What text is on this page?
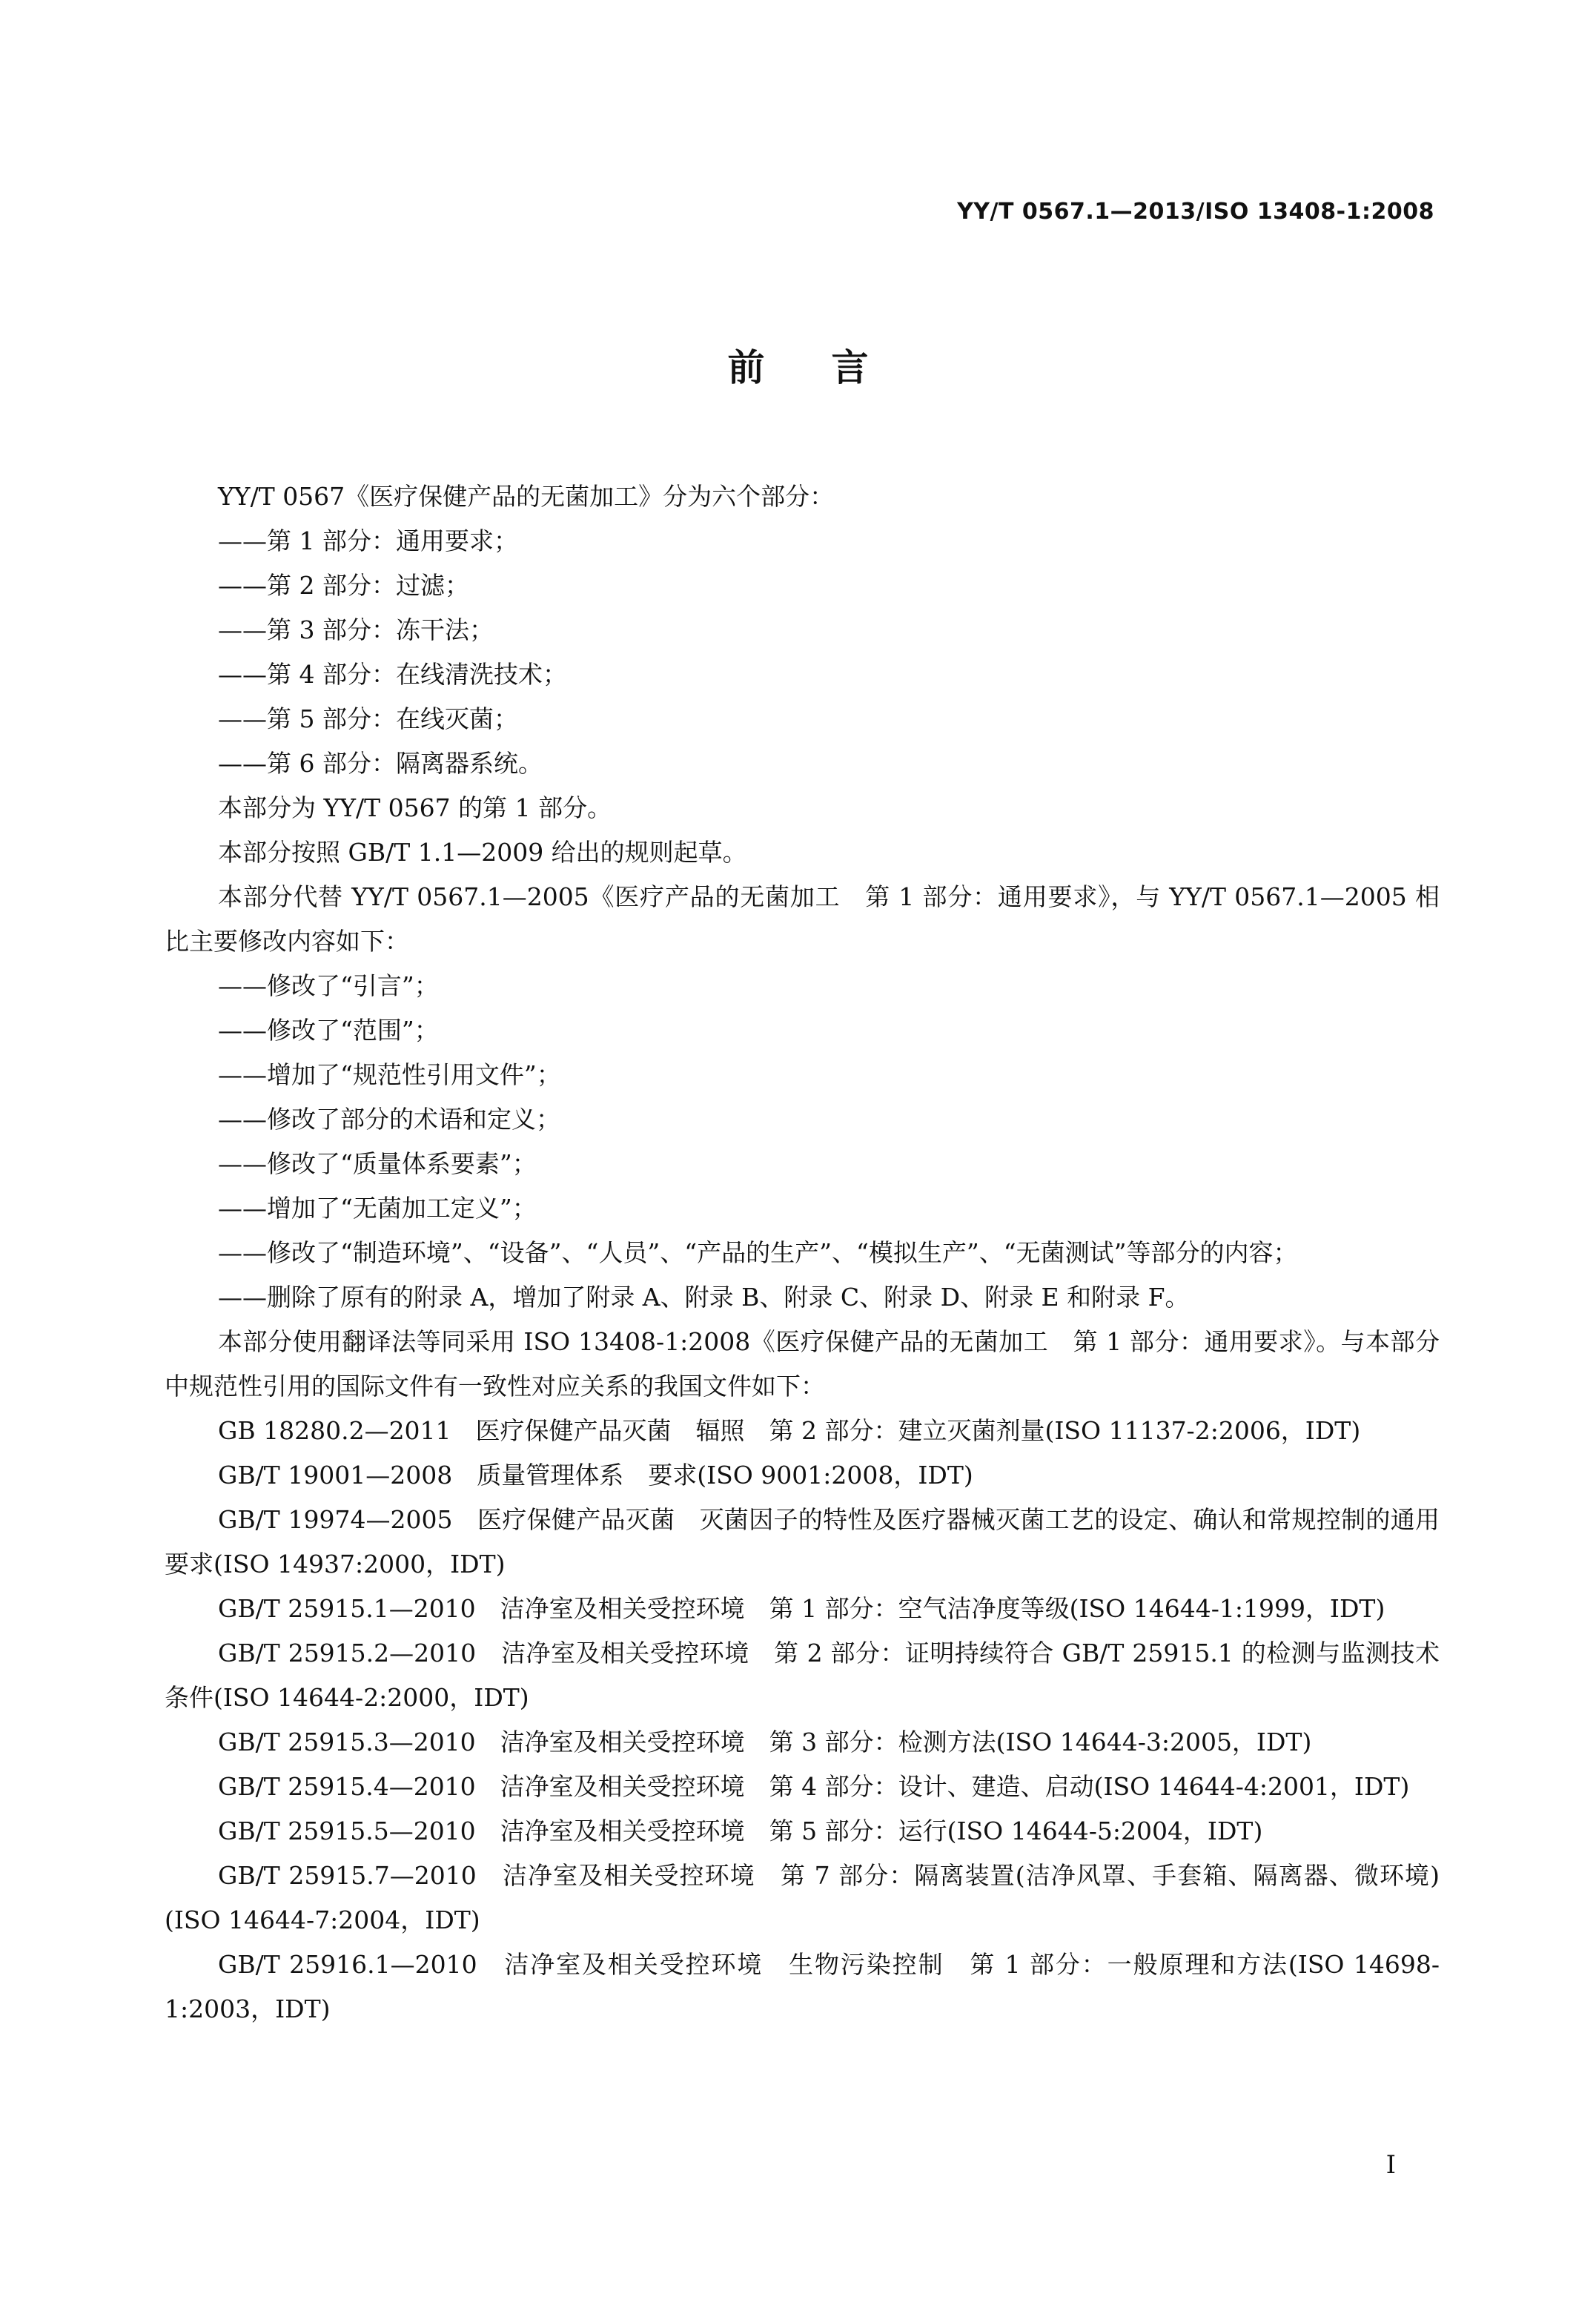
YY/T 0567.1—2013/ISO 13408-1:2008
前言

YY/T 0567《医疗保健产品的无菌加工》分为六个部分：

——第 1 部分：通用要求；

——第 2 部分：过滤；

——第 3 部分：冻干法；

——第 4 部分：在线清洗技术；

——第 5 部分：在线灭菌；

——第 6 部分：隔离器系统。

本部分为 YY/T 0567 的第 1 部分。

本部分按照 GB/T 1.1—2009 给出的规则起草。

本部分代替 YY/T 0567.1—2005《医疗产品的无菌加工　第 1 部分：通用要求》，与 YY/T 0567.1—2005 相比主要修改内容如下：

——修改了“引言”；

——修改了“范围”；

——增加了“规范性引用文件”；

——修改了部分的术语和定义；

——修改了“质量体系要素”；

——增加了“无菌加工定义”；

——修改了“制造环境”、“设备”、“人员”、“产品的生产”、“模拟生产”、“无菌测试”等部分的内容；

——删除了原有的附录 A，增加了附录 A、附录 B、附录 C、附录 D、附录 E 和附录 F。

本部分使用翻译法等同采用 ISO 13408-1:2008《医疗保健产品的无菌加工　第 1 部分：通用要求》。与本部分中规范性引用的国际文件有一致性对应关系的我国文件如下：

GB 18280.2—2011　医疗保健产品灭菌　辐照　第 2 部分：建立灭菌剂量(ISO 11137-2:2006，IDT)

GB/T 19001—2008　质量管理体系　要求(ISO 9001:2008，IDT)

GB/T 19974—2005　医疗保健产品灭菌　灭菌因子的特性及医疗器械灭菌工艺的设定、确认和常规控制的通用要求(ISO 14937:2000，IDT)

GB/T 25915.1—2010　洁净室及相关受控环境　第 1 部分：空气洁净度等级(ISO 14644-1:1999，IDT)

GB/T 25915.2—2010　洁净室及相关受控环境　第 2 部分：证明持续符合 GB/T 25915.1 的检测与监测技术条件(ISO 14644-2:2000，IDT)

GB/T 25915.3—2010　洁净室及相关受控环境　第 3 部分：检测方法(ISO 14644-3:2005，IDT)

GB/T 25915.4—2010　洁净室及相关受控环境　第 4 部分：设计、建造、启动(ISO 14644-4:2001，IDT)

GB/T 25915.5—2010　洁净室及相关受控环境　第 5 部分：运行(ISO 14644-5:2004，IDT)

GB/T 25915.7—2010　洁净室及相关受控环境　第 7 部分：隔离装置(洁净风罩、手套箱、隔离器、微环境)(ISO 14644-7:2004，IDT)

GB/T 25916.1—2010　洁净室及相关受控环境　生物污染控制　第 1 部分：一般原理和方法(ISO 14698-1:2003，IDT)

I
